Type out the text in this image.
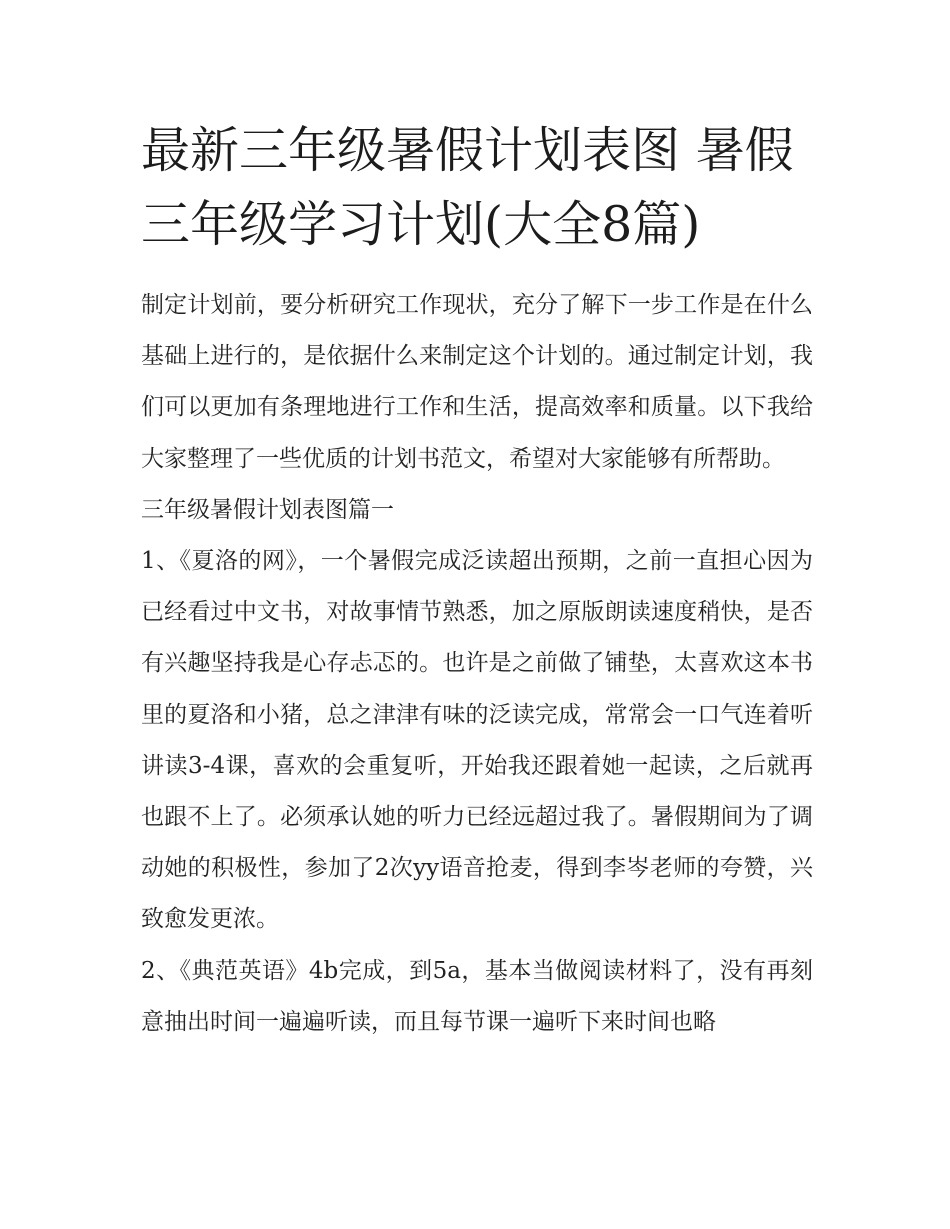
最新三年级暑假计划表图 暑假三年级学习计划(大全8篇)

制定计划前，要分析研究工作现状，充分了解下一步工作是在什么基础上进行的，是依据什么来制定这个计划的。通过制定计划，我们可以更加有条理地进行工作和生活，提高效率和质量。以下我给大家整理了一些优质的计划书范文，希望对大家能够有所帮助。

三年级暑假计划表图篇一

1、《夏洛的网》，一个暑假完成泛读超出预期，之前一直担心因为已经看过中文书，对故事情节熟悉，加之原版朗读速度稍快，是否有兴趣坚持我是心存忐忑的。也许是之前做了铺垫，太喜欢这本书里的夏洛和小猪，总之津津有味的泛读完成，常常会一口气连着听讲读3-4课，喜欢的会重复听，开始我还跟着她一起读，之后就再也跟不上了。必须承认她的听力已经远超过我了。暑假期间为了调动她的积极性，参加了2次yy语音抢麦，得到李岑老师的夸赞，兴致愈发更浓。

2、《典范英语》4b完成，到5a，基本当做阅读材料了，没有再刻意抽出时间一遍遍听读，而且每节课一遍听下来时间也略
